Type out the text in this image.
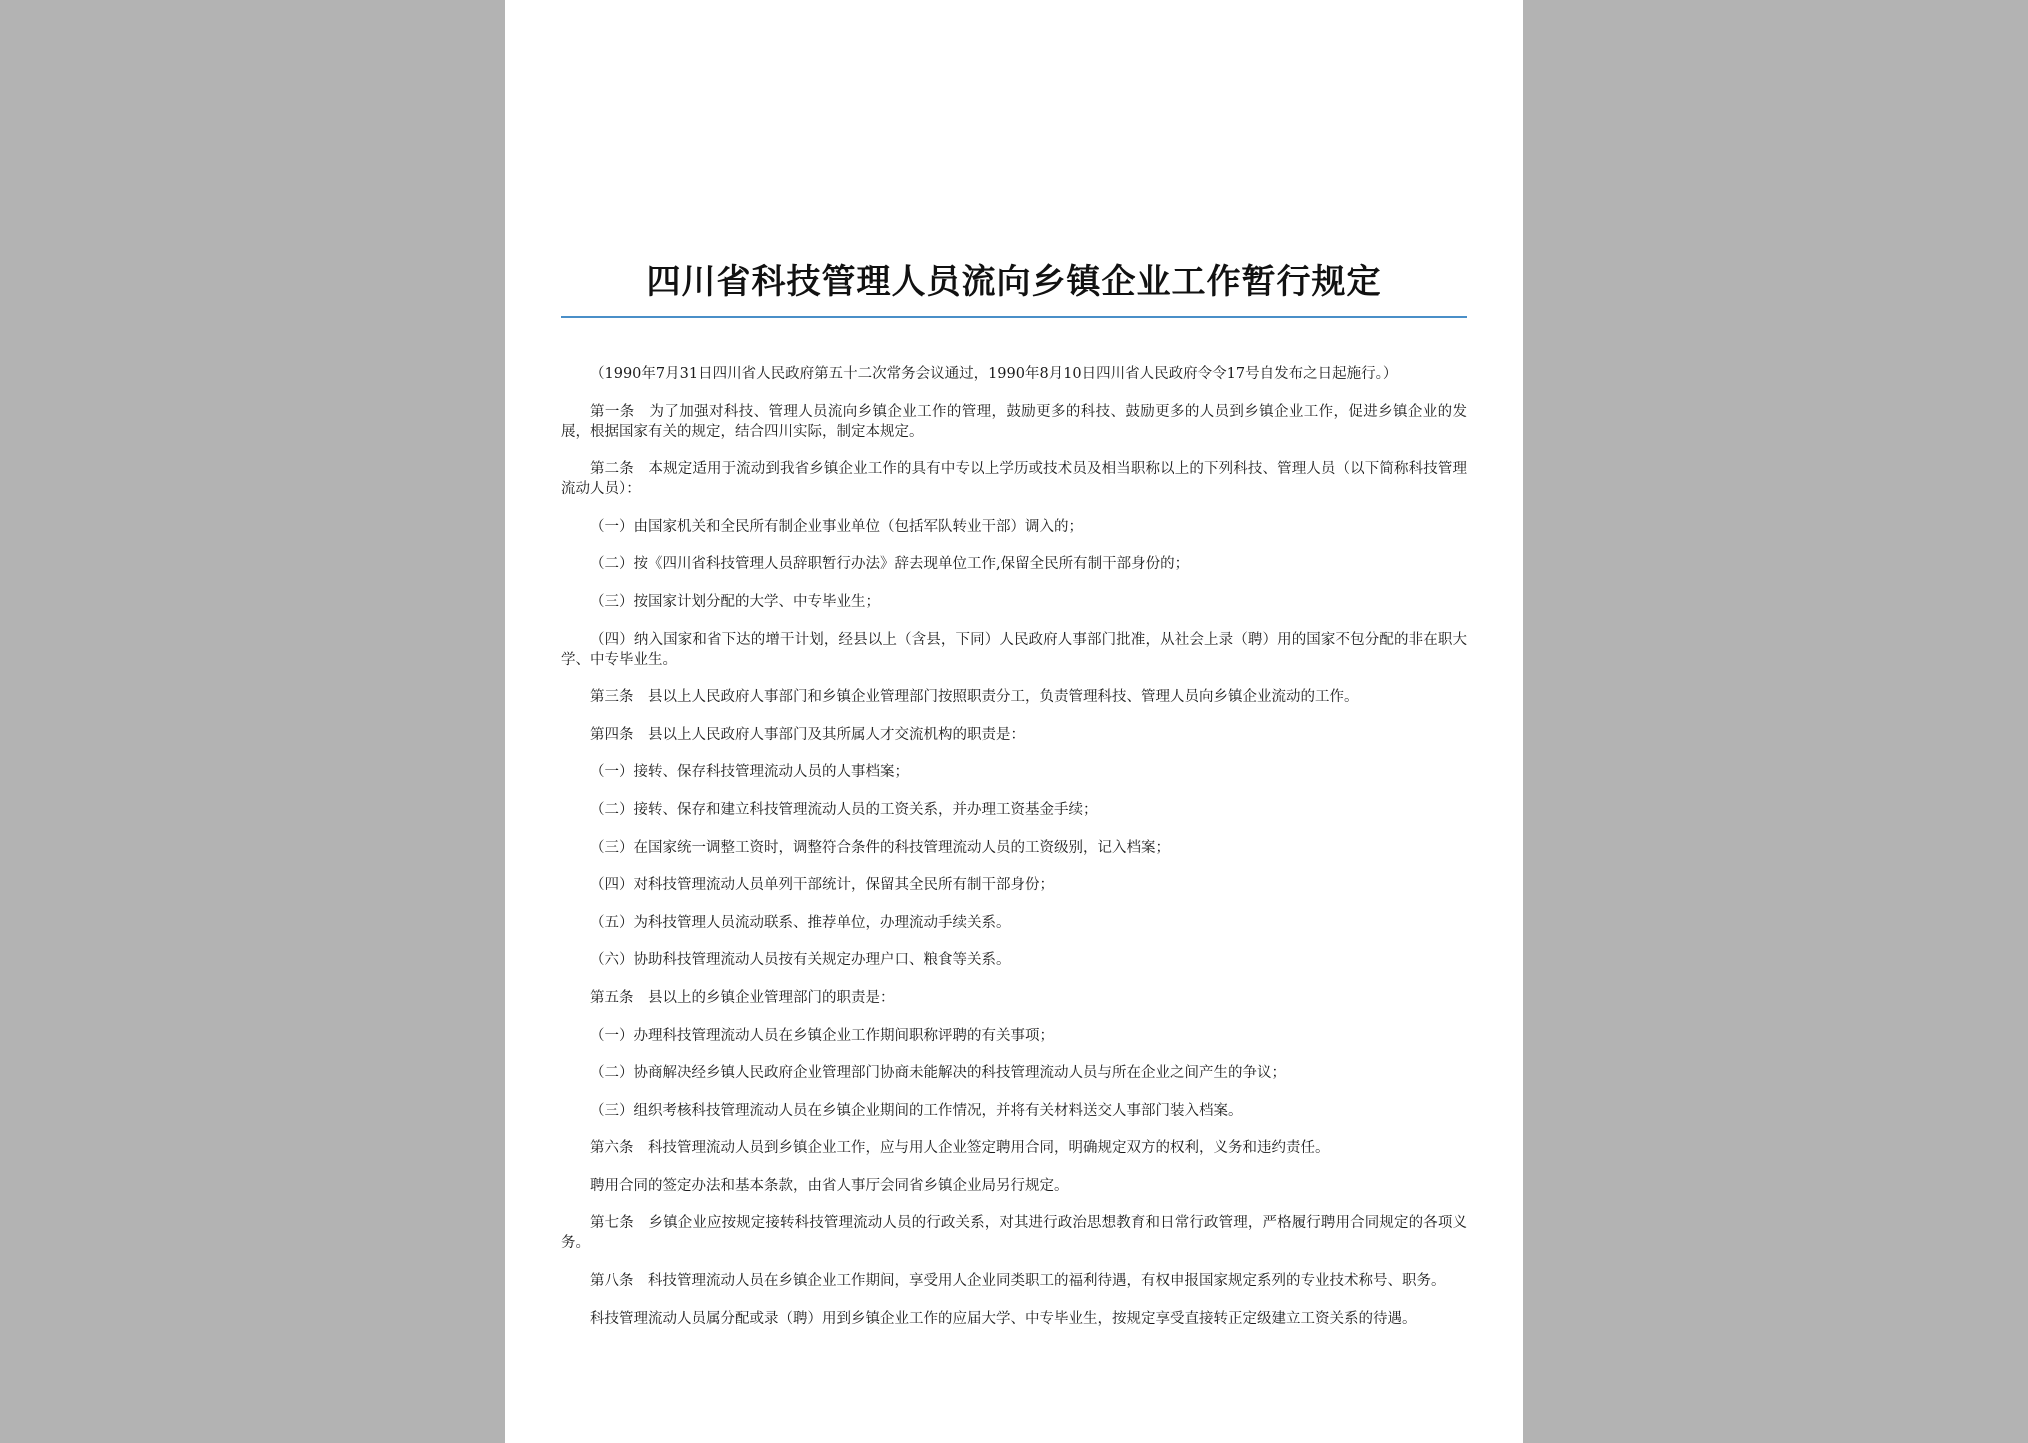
四川省科技管理人员流向乡镇企业工作暂行规定

（1990年7月31日四川省人民政府第五十二次常务会议通过，1990年8月10日四川省人民政府令令17号自发布之日起施行。）

第一条　为了加强对科技、管理人员流向乡镇企业工作的管理，鼓励更多的科技、鼓励更多的人员到乡镇企业工作，促进乡镇企业的发展，根据国家有关的规定，结合四川实际，制定本规定。

第二条　本规定适用于流动到我省乡镇企业工作的具有中专以上学历或技术员及相当职称以上的下列科技、管理人员（以下简称科技管理流动人员）：

（一）由国家机关和全民所有制企业事业单位（包括军队转业干部）调入的；

（二）按《四川省科技管理人员辞职暂行办法》辞去现单位工作,保留全民所有制干部身份的；

（三）按国家计划分配的大学、中专毕业生；

（四）纳入国家和省下达的增干计划，经县以上（含县，下同）人民政府人事部门批准，从社会上录（聘）用的国家不包分配的非在职大学、中专毕业生。

第三条　县以上人民政府人事部门和乡镇企业管理部门按照职责分工，负责管理科技、管理人员向乡镇企业流动的工作。

第四条　县以上人民政府人事部门及其所属人才交流机构的职责是：

（一）接转、保存科技管理流动人员的人事档案；

（二）接转、保存和建立科技管理流动人员的工资关系，并办理工资基金手续；

（三）在国家统一调整工资时，调整符合条件的科技管理流动人员的工资级别，记入档案；

（四）对科技管理流动人员单列干部统计，保留其全民所有制干部身份；

（五）为科技管理人员流动联系、推荐单位，办理流动手续关系。

（六）协助科技管理流动人员按有关规定办理户口、粮食等关系。

第五条　县以上的乡镇企业管理部门的职责是：

（一）办理科技管理流动人员在乡镇企业工作期间职称评聘的有关事项；

（二）协商解决经乡镇人民政府企业管理部门协商未能解决的科技管理流动人员与所在企业之间产生的争议；

（三）组织考核科技管理流动人员在乡镇企业期间的工作情况，并将有关材料送交人事部门装入档案。

第六条　科技管理流动人员到乡镇企业工作，应与用人企业签定聘用合同，明确规定双方的权利，义务和违约责任。

聘用合同的签定办法和基本条款，由省人事厅会同省乡镇企业局另行规定。

第七条　乡镇企业应按规定接转科技管理流动人员的行政关系，对其进行政治思想教育和日常行政管理，严格履行聘用合同规定的各项义务。

第八条　科技管理流动人员在乡镇企业工作期间，享受用人企业同类职工的福利待遇，有权申报国家规定系列的专业技术称号、职务。

科技管理流动人员属分配或录（聘）用到乡镇企业工作的应届大学、中专毕业生，按规定享受直接转正定级建立工资关系的待遇。
